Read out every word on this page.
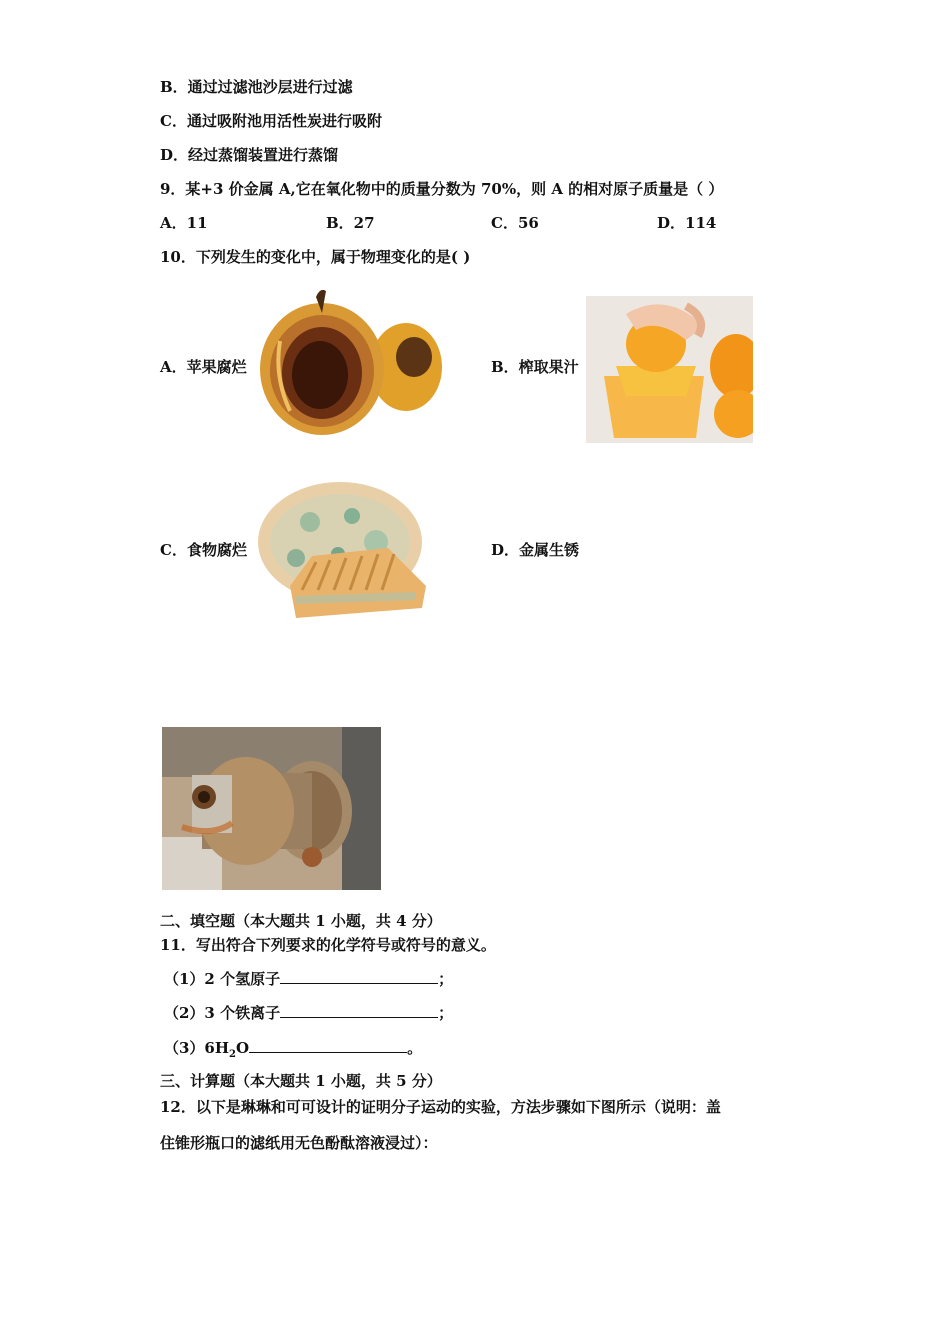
B．通过过滤池沙层进行过滤
C．通过吸附池用活性炭进行吸附
D．经过蒸馏装置进行蒸馏
9．某+3 价金属 A,它在氧化物中的质量分数为 70%，则 A 的相对原子质量是（ ）
A．11	B．27	C．56	D．114
10．下列发生的变化中，属于物理变化的是( )
A．苹果腐烂	B．榨取果汁
C．食物腐烂	D．金属生锈
二、填空题（本大题共 1 小题，共 4 分）
11．写出符合下列要求的化学符号或符号的意义。
（1）2 个氢原子	；
（2）3 个铁离子	；
$(3)6H_2O$	。
三、计算题（本大题共 1 小题，共 5 分）
12．以下是琳琳和可可设计的证明分子运动的实验，方法步骤如下图所示（说明：盖
住锥形瓶口的滤纸用无色酚酞溶液浸过）：
